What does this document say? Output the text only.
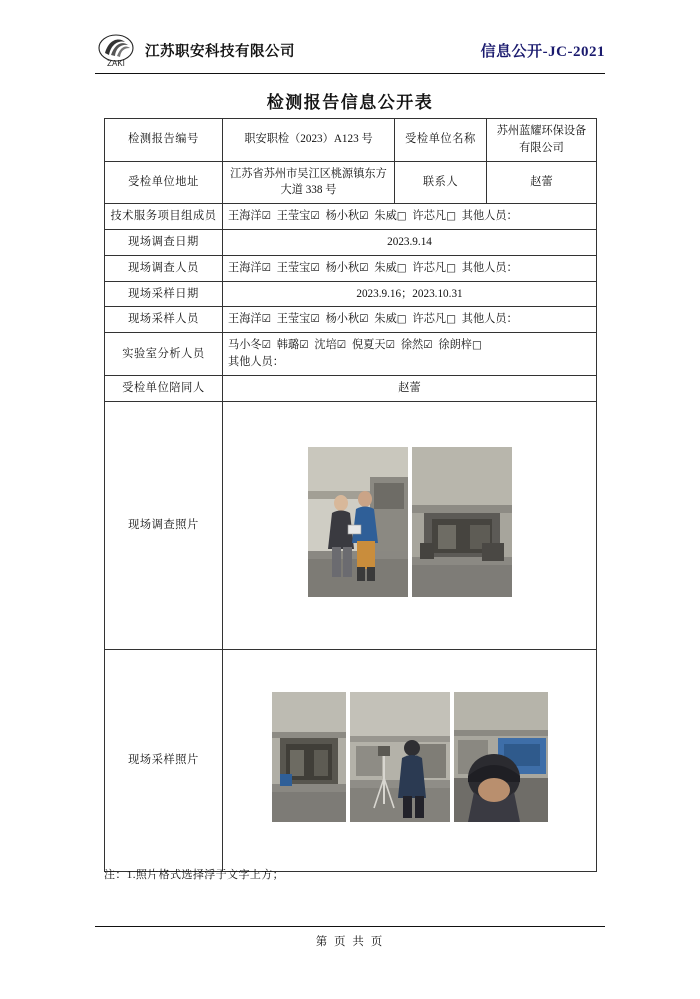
ZAKI
江苏职安科技有限公司	信息公开-JC-2021
检测报告信息公开表
检测报告编号	职安职检（2023）A123 号	受检单位名称	苏州蓝耀环保设备有限公司
受检单位地址	江苏省苏州市吴江区桃源镇东方大道 338 号	联系人	赵蕾
技术服务项目组成员	王海洋☑ 王莹宝☑ 杨小秋☑ 朱威□ 许芯凡□ 其他人员：		
现场调查日期	2023.9.14		
现场调查人员	王海洋☑ 王莹宝☑ 杨小秋☑ 朱威□ 许芯凡□ 其他人员：		
现场采样日期	2023.9.16；2023.10.31		
现场采样人员	王海洋☑ 王莹宝☑ 杨小秋☑ 朱威□ 许芯凡□ 其他人员：		
实验室分析人员	马小冬☑ 韩璐☑ 沈培☑ 倪夏天☑ 徐然☑ 徐朗梓□
其他人员：		

受检单位陪同人	赵蕾		
现场调查照片	

现场采样照片	
注：1.照片格式选择浮于文字上方；
第 页 共 页
